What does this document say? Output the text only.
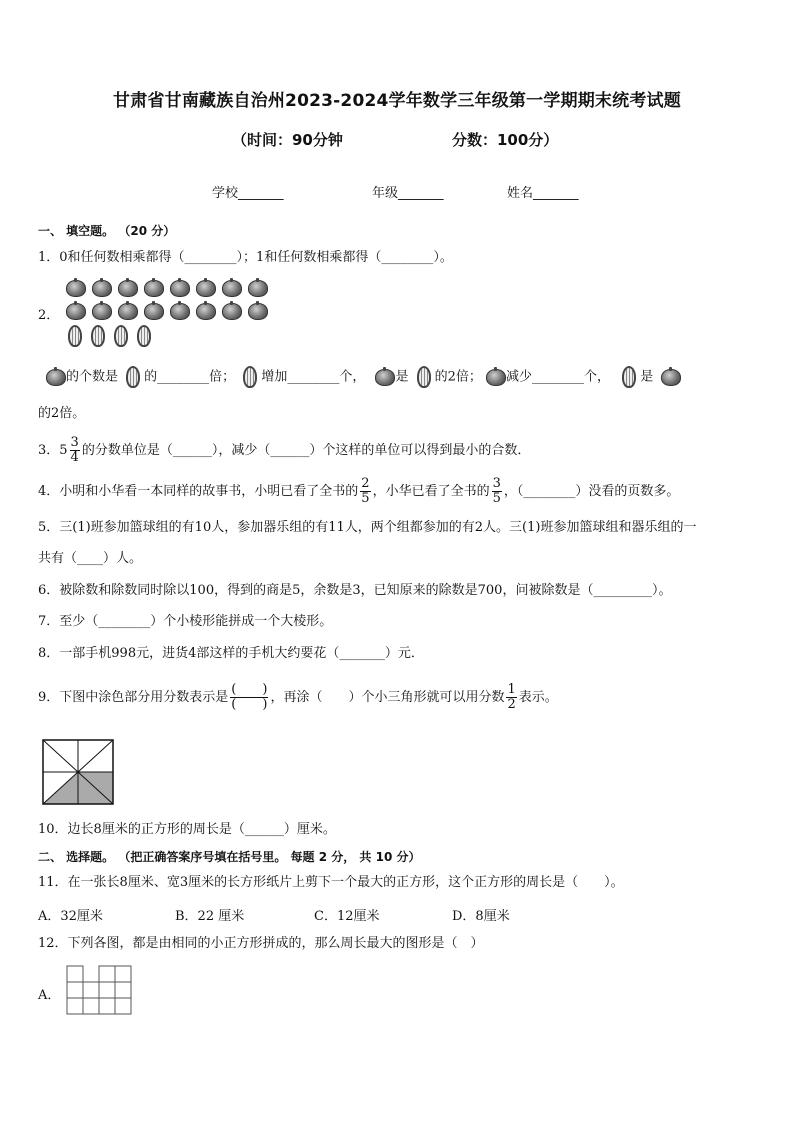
甘肃省甘南藏族自治州2023-2024学年数学三年级第一学期期末统考试题
（时间：90分钟	分数：100分）
学校_______	年级_______	姓名_______
一、 填空题。 （20 分）
1．0和任何数相乘都得（________）；1和任何数相乘都得（________）。
2．
的个数是 的________倍； 增加________个， 是 的2倍； 减少________个， 是
的2倍。
3．$5 \frac{3}{4}$ 的分数单位是（______），减少（______）个这样的单位可以得到最小的合数．
4．小明和小华看一本同样的故事书，小明已看了全书的 $\frac{2}{5}$ ，小华已看了全书的 $\frac{3}{5}$ ，（________）没看的页数多。
5．三(1)班参加篮球组的有10人，参加器乐组的有11人，两个组都参加的有2人。三(1)班参加篮球组和器乐组的一
共有（____）人。
6．被除数和除数同时除以100，得到的商是5，余数是3，已知原来的除数是700，问被除数是（_________）。
7．至少（________）个小棱形能拼成一个大棱形。
8．一部手机998元，进货4部这样的手机大约要花（_______）元．
9．下图中涂色部分用分数表示是 $\frac{( )}{( )}$ ，再涂（　　）个小三角形就可以用分数 $\frac{1}{2}$ 表示。
10．边长8厘米的正方形的周长是（______）厘米。
二、 选择题。 （把正确答案序号填在括号里。 每题 2 分， 共 10 分）
11．在一张长8厘米、宽3厘米的长方形纸片上剪下一个最大的正方形，这个正方形的周长是（　　）。
A．32厘米	B．22 厘米	C．12厘米	D．8厘米
12．下列各图，都是由相同的小正方形拼成的，那么周长最大的图形是（　）
A．
